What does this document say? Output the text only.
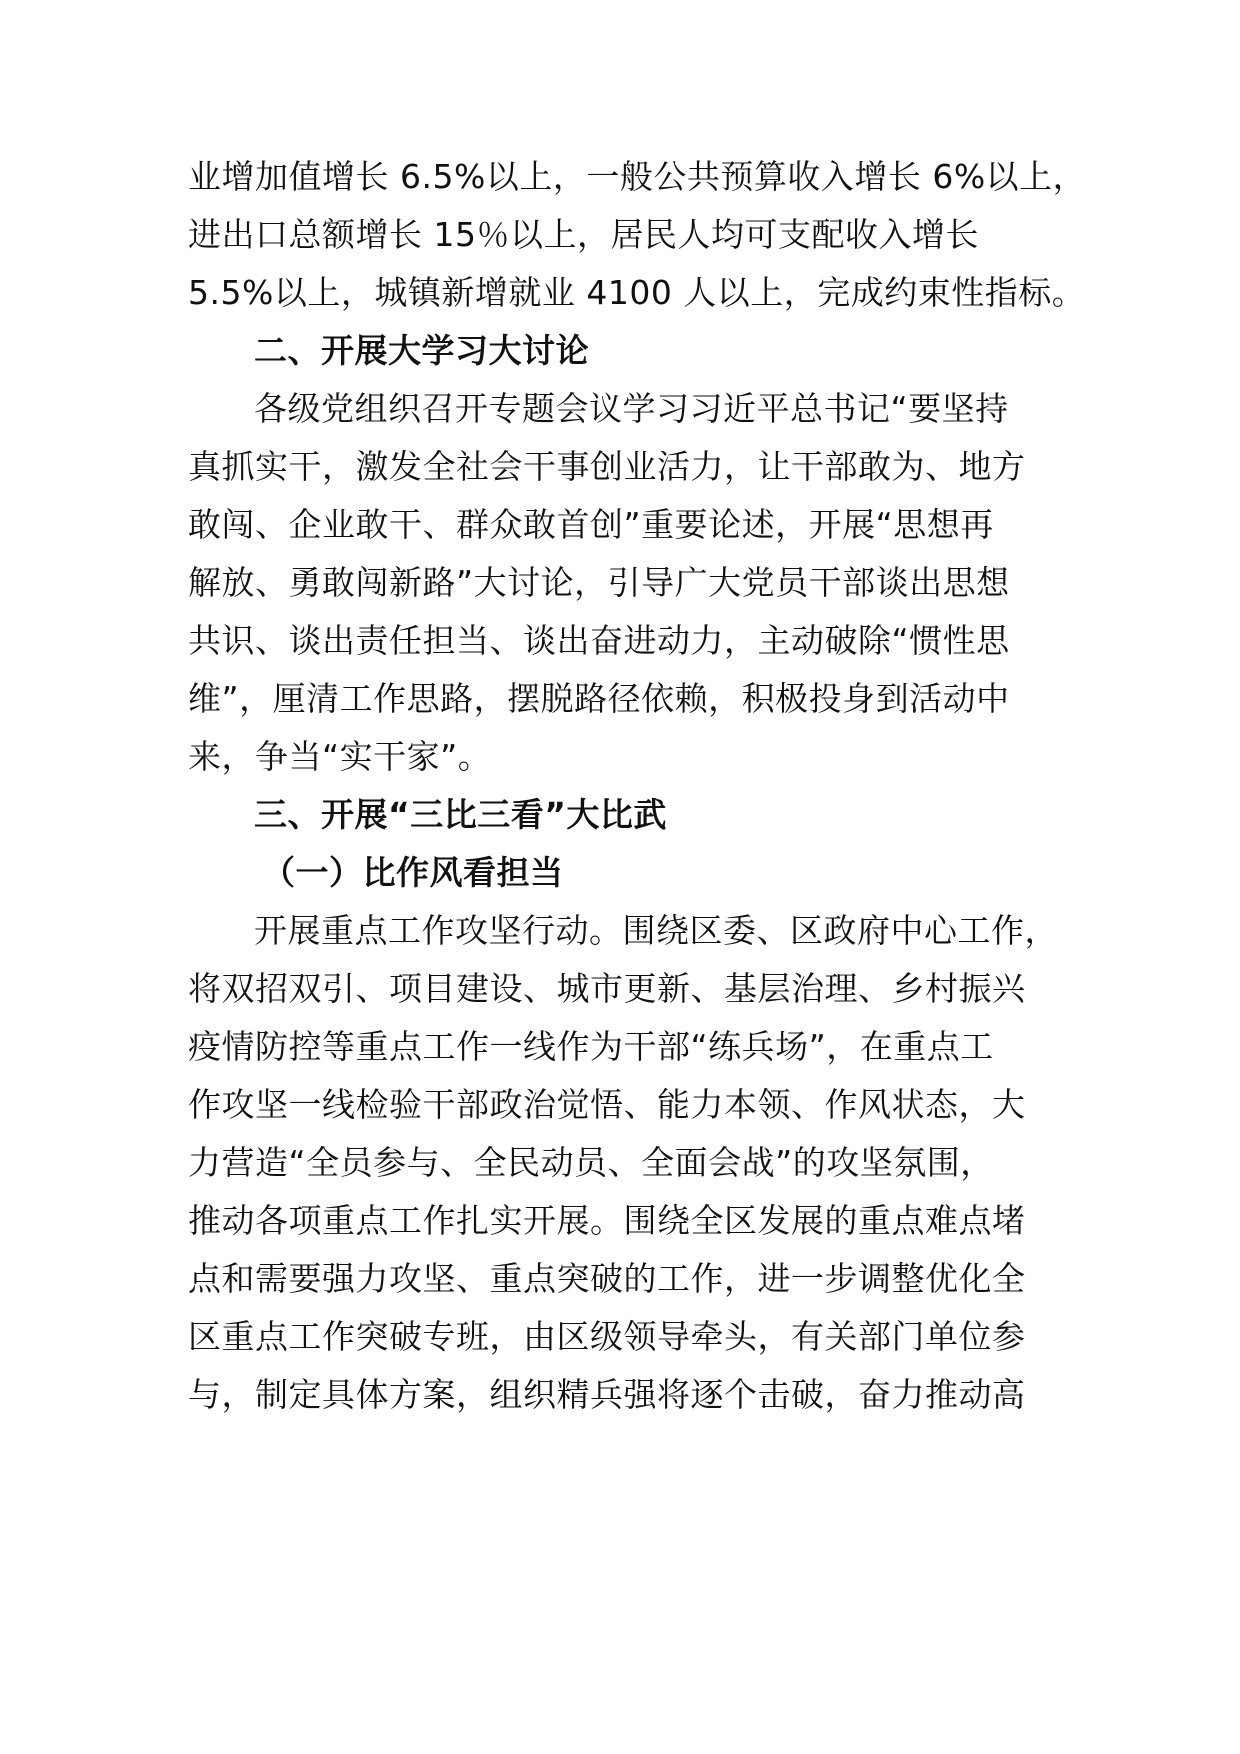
业增加值增长 6.5%以上，一般公共预算收入增长 6%以上，
进出口总额增长 15％以上，居民人均可支配收入增长
5.5%以上，城镇新增就业 4100 人以上，完成约束性指标。
二、开展大学习大讨论
各级党组织召开专题会议学习习近平总书记“要坚持
真抓实干，激发全社会干事创业活力，让干部敢为、地方
敢闯、企业敢干、群众敢首创”重要论述，开展“思想再
解放、勇敢闯新路”大讨论，引导广大党员干部谈出思想
共识、谈出责任担当、谈出奋进动力，主动破除“惯性思
维”，厘清工作思路，摆脱路径依赖，积极投身到活动中
来，争当“实干家”。
三、开展“三比三看”大比武
（一）比作风看担当
开展重点工作攻坚行动。围绕区委、区政府中心工作，
将双招双引、项目建设、城市更新、基层治理、乡村振兴
疫情防控等重点工作一线作为干部“练兵场”，在重点工
作攻坚一线检验干部政治觉悟、能力本领、作风状态，大
力营造“全员参与、全民动员、全面会战”的攻坚氛围，
推动各项重点工作扎实开展。围绕全区发展的重点难点堵
点和需要强力攻坚、重点突破的工作，进一步调整优化全
区重点工作突破专班，由区级领导牵头，有关部门单位参
与，制定具体方案，组织精兵强将逐个击破，奋力推动高
